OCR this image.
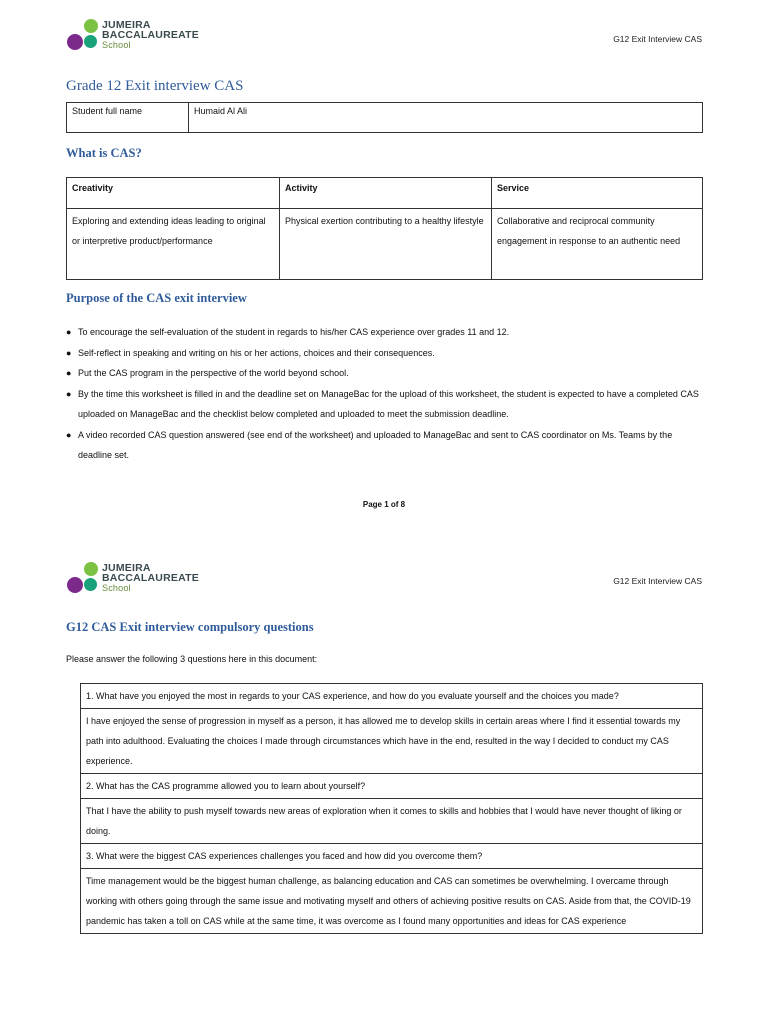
JUMEIRA
BACCALAUREATE
School
G12 Exit Interview CAS
Grade 12 Exit interview CAS
Student full name	Humaid Al Ali
What is CAS?
Creativity	Activity	Service
Exploring and extending ideas leading to original or interpretive product/performance	Physical exertion contributing to a healthy lifestyle	Collaborative and reciprocal community engagement in response to an authentic need
Purpose of the CAS exit interview
● To encourage the self-evaluation of the student in regards to his/her CAS experience over grades 11 and 12.
● Self-reflect in speaking and writing on his or her actions, choices and their consequences.
● Put the CAS program in the perspective of the world beyond school.
● By the time this worksheet is filled in and the deadline set on ManageBac for the upload of this worksheet, the student is expected to have a completed CAS uploaded on ManageBac and the checklist below completed and uploaded to meet the submission deadline.
● A video recorded CAS question answered (see end of the worksheet) and uploaded to ManageBac and sent to CAS coordinator on Ms. Teams by the deadline set.
Page 1 of 8
JUMEIRA
BACCALAUREATE
School
G12 Exit Interview CAS
G12 CAS Exit interview compulsory questions
Please answer the following 3 questions here in this document:
1. What have you enjoyed the most in regards to your CAS experience, and how do you evaluate yourself and the choices you made?
I have enjoyed the sense of progression in myself as a person, it has allowed me to develop skills in certain areas where I find it essential towards my path into adulthood. Evaluating the choices I made through circumstances which have in the end, resulted in the way I decided to conduct my CAS experience.
2. What has the CAS programme allowed you to learn about yourself?
That I have the ability to push myself towards new areas of exploration when it comes to skills and hobbies that I would have never thought of liking or doing.
3. What were the biggest CAS experiences challenges you faced and how did you overcome them?
Time management would be the biggest human challenge, as balancing education and CAS can sometimes be overwhelming. I overcame through working with others going through the same issue and motivating myself and others of achieving positive results on CAS. Aside from that, the COVID-19 pandemic has taken a toll on CAS while at the same time, it was overcome as I found many opportunities and ideas for CAS experience
